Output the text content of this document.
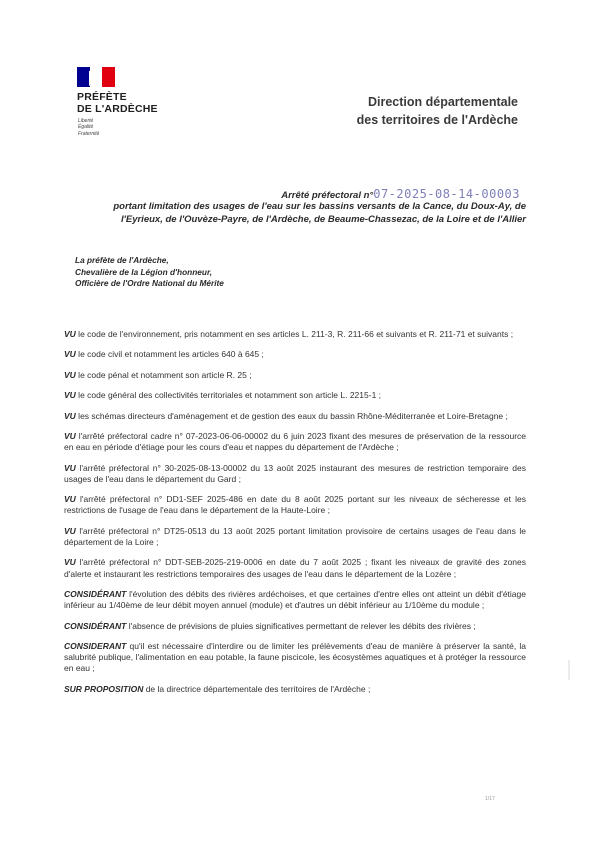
PRÉFÈTE
DE L'ARDÈCHE
Liberté
Égalité
Fraternité
Direction départementale
des territoires de l'Ardèche
Arrêté préfectoral n°07-2025-08-14-00003
portant limitation des usages de l'eau sur les bassins versants de la Cance, du Doux-Ay, de l'Eyrieux, de l'Ouvèze-Payre, de l'Ardèche, de Beaume-Chassezac, de la Loire et de l'Allier
La préfète de l'Ardèche,
Chevalière de la Légion d'honneur,
Officière de l'Ordre National du Mérite

VU le code de l'environnement, pris notamment en ses articles L. 211-3, R. 211-66 et suivants et R. 211-71 et suivants ;

VU le code civil et notamment les articles 640 à 645 ;

VU le code pénal et notamment son article R. 25 ;

VU le code général des collectivités territoriales et notamment son article L. 2215-1 ;

VU les schémas directeurs d'aménagement et de gestion des eaux du bassin Rhône-Méditerranée et Loire-Bretagne ;

VU l'arrêté préfectoral cadre n° 07-2023-06-06-00002 du 6 juin 2023 fixant des mesures de préservation de la ressource en eau en période d'étiage pour les cours d'eau et nappes du département de l'Ardèche ;

VU l'arrêté préfectoral n° 30-2025-08-13-00002 du 13 août 2025 instaurant des mesures de restriction temporaire des usages de l'eau dans le département du Gard ;

VU l'arrêté préfectoral n° DD1-SEF 2025-486 en date du 8 août 2025 portant sur les niveaux de sécheresse et les restrictions de l'usage de l'eau dans le département de la Haute-Loire ;

VU l'arrêté préfectoral n° DT25-0513 du 13 août 2025 portant limitation provisoire de certains usages de l'eau dans le département de la Loire ;

VU l'arrêté préfectoral n° DDT-SEB-2025-219-0006 en date du 7 août 2025 ; fixant les niveaux de gravité des zones d'alerte et instaurant les restrictions temporaires des usages de l'eau dans le département de la Lozère ;

CONSIDÉRANT l'évolution des débits des rivières ardéchoises, et que certaines d'entre elles ont atteint un débit d'étiage inférieur au 1/40ème de leur débit moyen annuel (module) et d'autres un débit inférieur au 1/10ème du module ;

CONSIDÉRANT l'absence de prévisions de pluies significatives permettant de relever les débits des rivières ;

CONSIDERANT qu'il est nécessaire d'interdire ou de limiter les prélèvements d'eau de manière à préserver la santé, la salubrité publique, l'alimentation en eau potable, la faune piscicole, les écosystèmes aquatiques et à protéger la ressource en eau ;

SUR PROPOSITION de la directrice départementale des territoires de l'Ardèche ;

1/17
